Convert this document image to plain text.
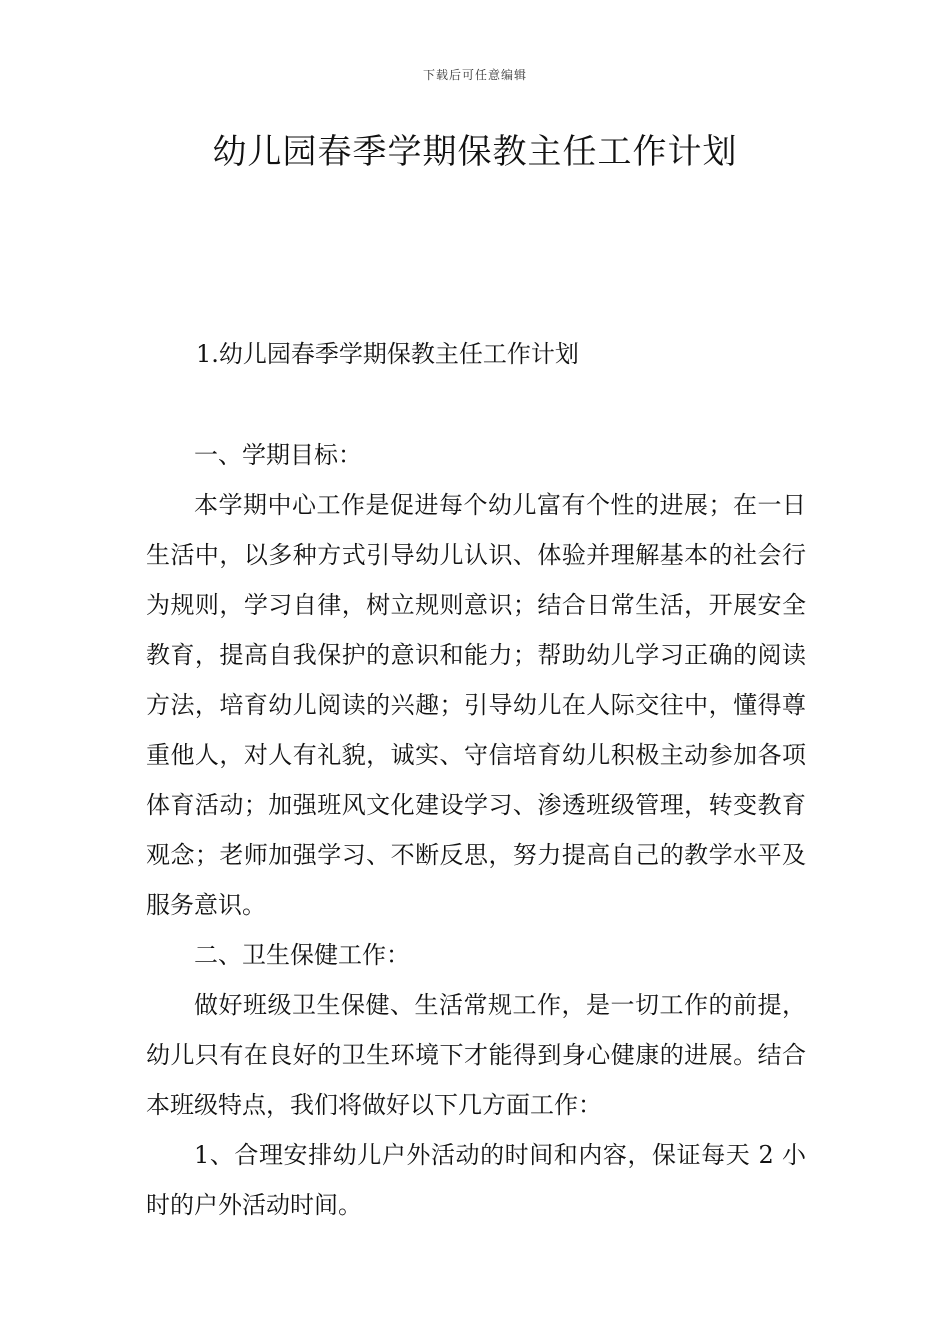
下载后可任意编辑
幼儿园春季学期保教主任工作计划

1.幼儿园春季学期保教主任工作计划

一、学期目标：

本学期中心工作是促进每个幼儿富有个性的进展；在一日生活中，以多种方式引导幼儿认识、体验并理解基本的社会行为规则，学习自律，树立规则意识；结合日常生活，开展安全教育，提高自我保护的意识和能力；帮助幼儿学习正确的阅读方法，培育幼儿阅读的兴趣；引导幼儿在人际交往中，懂得尊重他人，对人有礼貌，诚实、守信培育幼儿积极主动参加各项体育活动；加强班风文化建设学习、渗透班级管理，转变教育观念；老师加强学习、不断反思，努力提高自己的教学水平及服务意识。

二、卫生保健工作：

做好班级卫生保健、生活常规工作，是一切工作的前提，幼儿只有在良好的卫生环境下才能得到身心健康的进展。结合本班级特点，我们将做好以下几方面工作：

1、合理安排幼儿户外活动的时间和内容，保证每天 2 小时的户外活动时间。
